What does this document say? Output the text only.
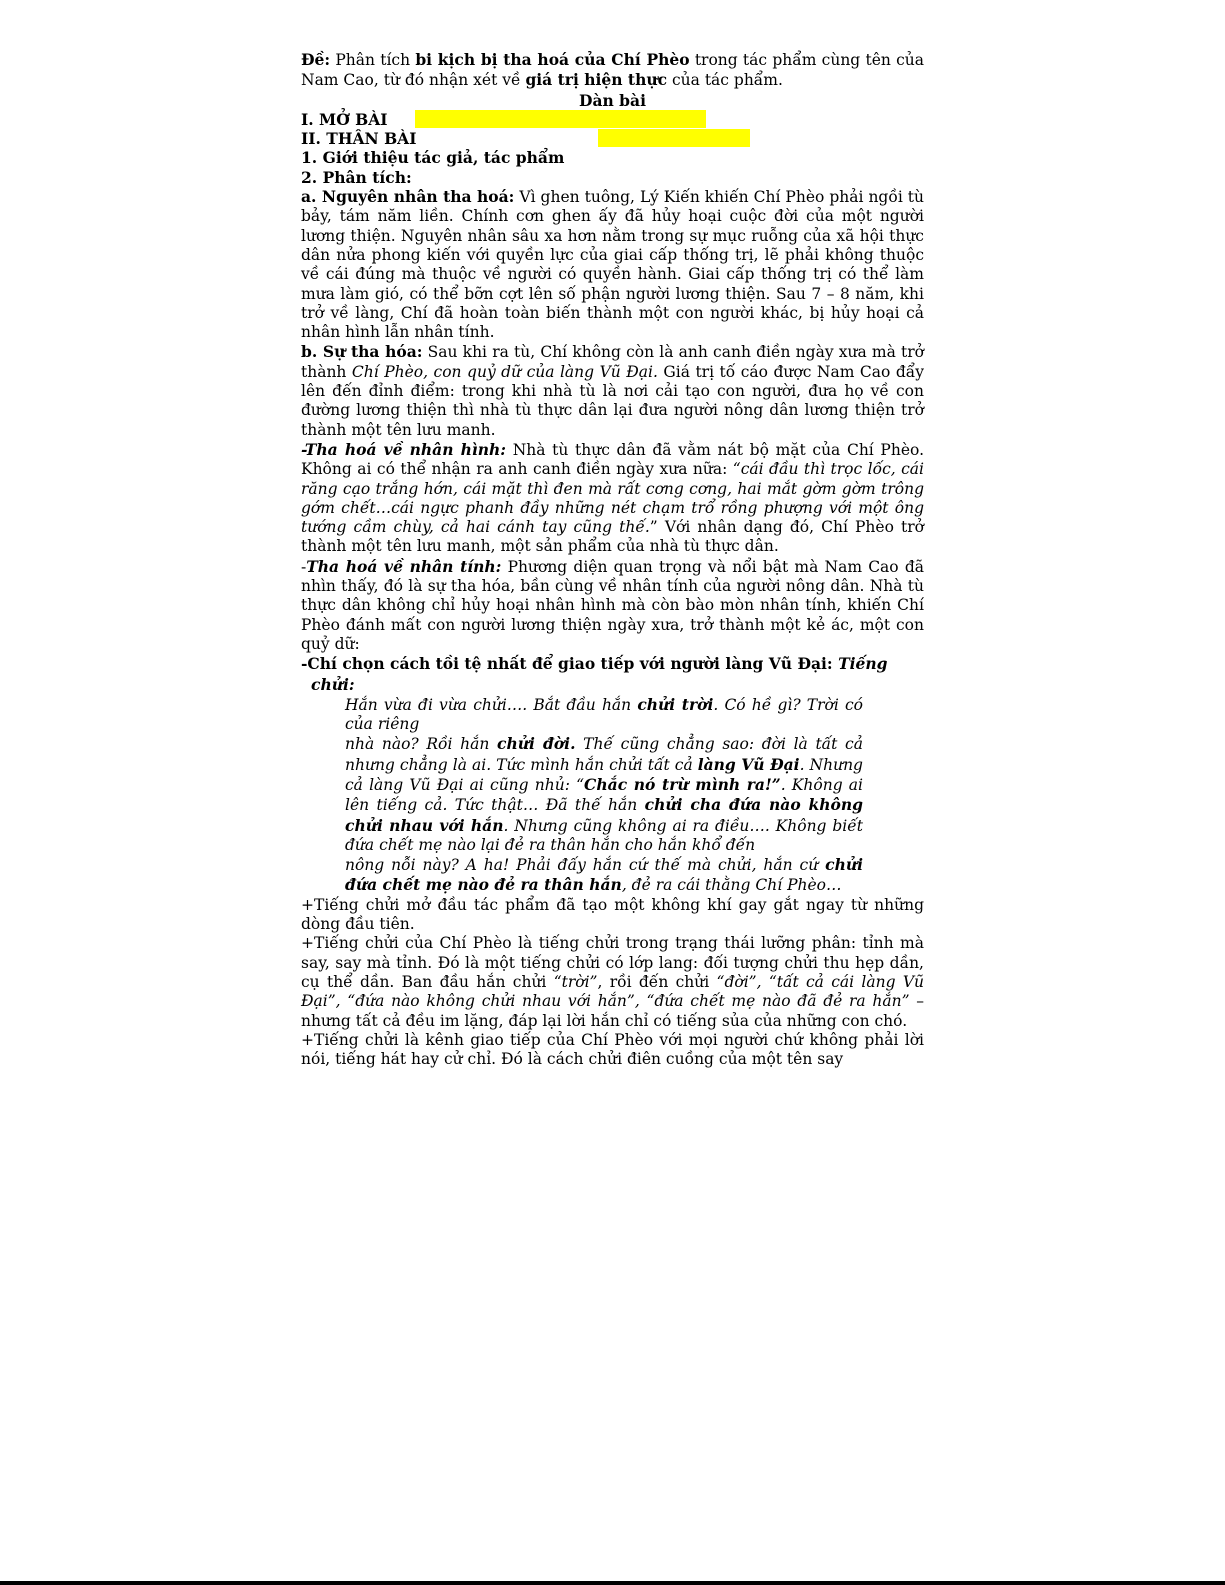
Đề: Phân tích bi kịch bị tha hoá của Chí Phèo trong tác phẩm cùng tên của Nam Cao, từ đó nhận xét về giá trị hiện thực của tác phẩm.

Dàn bài

I. MỞ BÀI

II. THÂN BÀI

1. Giới thiệu tác giả, tác phẩm

2. Phân tích:

a. Nguyên nhân tha hoá: Vì ghen tuông, Lý Kiến khiến Chí Phèo phải ngồi tù bảy, tám năm liền. Chính cơn ghen ấy đã hủy hoại cuộc đời của một người lương thiện. Nguyên nhân sâu xa hơn nằm trong sự mục ruỗng của xã hội thực dân nửa phong kiến với quyền lực của giai cấp thống trị, lẽ phải không thuộc về cái đúng mà thuộc về người có quyền hành. Giai cấp thống trị có thể làm mưa làm gió, có thể bỡn cợt lên số phận người lương thiện. Sau 7 – 8 năm, khi trở về làng, Chí đã hoàn toàn biến thành một con người khác, bị hủy hoại cả nhân hình lẫn nhân tính.

b. Sự tha hóa: Sau khi ra tù, Chí không còn là anh canh điền ngày xưa mà trở thành Chí Phèo, con quỷ dữ của làng Vũ Đại. Giá trị tố cáo được Nam Cao đẩy lên đến đỉnh điểm: trong khi nhà tù là nơi cải tạo con người, đưa họ về con đường lương thiện thì nhà tù thực dân lại đưa người nông dân lương thiện trở thành một tên lưu manh.

-Tha hoá về nhân hình: Nhà tù thực dân đã vằm nát bộ mặt của Chí Phèo. Không ai có thể nhận ra anh canh điền ngày xưa nữa: “cái đầu thì trọc lốc, cái răng cạo trắng hớn, cái mặt thì đen mà rất cơng cơng, hai mắt gờm gờm trông gớm chết…cái ngực phanh đầy những nét chạm trổ rồng phượng với một ông tướng cầm chùy, cả hai cánh tay cũng thế.” Với nhân dạng đó, Chí Phèo trở thành một tên lưu manh, một sản phẩm của nhà tù thực dân.

-Tha hoá về nhân tính: Phương diện quan trọng và nổi bật mà Nam Cao đã nhìn thấy, đó là sự tha hóa, bần cùng về nhân tính của người nông dân. Nhà tù thực dân không chỉ hủy hoại nhân hình mà còn bào mòn nhân tính, khiến Chí Phèo đánh mất con người lương thiện ngày xưa, trở thành một kẻ ác, một con quỷ dữ:

-Chí chọn cách tồi tệ nhất để giao tiếp với người làng Vũ Đại: Tiếng

chửi:

Hắn vừa đi vừa chửi…. Bắt đầu hắn chửi trời. Có hề gì? Trời có của riêng

nhà nào? Rồi hắn chửi đời. Thế cũng chẳng sao: đời là tất cả nhưng chẳng là ai. Tức mình hắn chửi tất cả làng Vũ Đại. Nhưng cả làng Vũ Đại ai cũng nhủ: “Chắc nó trừ mình ra!”. Không ai lên tiếng cả. Tức thật… Đã thế hắn chửi cha đứa nào không chửi nhau với hắn. Nhưng cũng không ai ra điều…. Không biết đứa chết mẹ nào lại đẻ ra thân hắn cho hắn khổ đến

nông nỗi này? A ha! Phải đấy hắn cứ thế mà chửi, hắn cứ chửi đứa chết mẹ nào đẻ ra thân hắn, đẻ ra cái thằng Chí Phèo…

+Tiếng chửi mở đầu tác phẩm đã tạo một không khí gay gắt ngay từ những dòng đầu tiên.

+Tiếng chửi của Chí Phèo là tiếng chửi trong trạng thái lưỡng phân: tỉnh mà say, say mà tỉnh. Đó là một tiếng chửi có lớp lang: đối tượng chửi thu hẹp dần, cụ thể dần. Ban đầu hắn chửi “trời”, rồi đến chửi “đời”, “tất cả cái làng Vũ Đại”, “đứa nào không chửi nhau với hắn”, “đứa chết mẹ nào đã đẻ ra hắn” – nhưng tất cả đều im lặng, đáp lại lời hắn chỉ có tiếng sủa của những con chó.

+Tiếng chửi là kênh giao tiếp của Chí Phèo với mọi người chứ không phải lời nói, tiếng hát hay cử chỉ. Đó là cách chửi điên cuồng của một tên say
